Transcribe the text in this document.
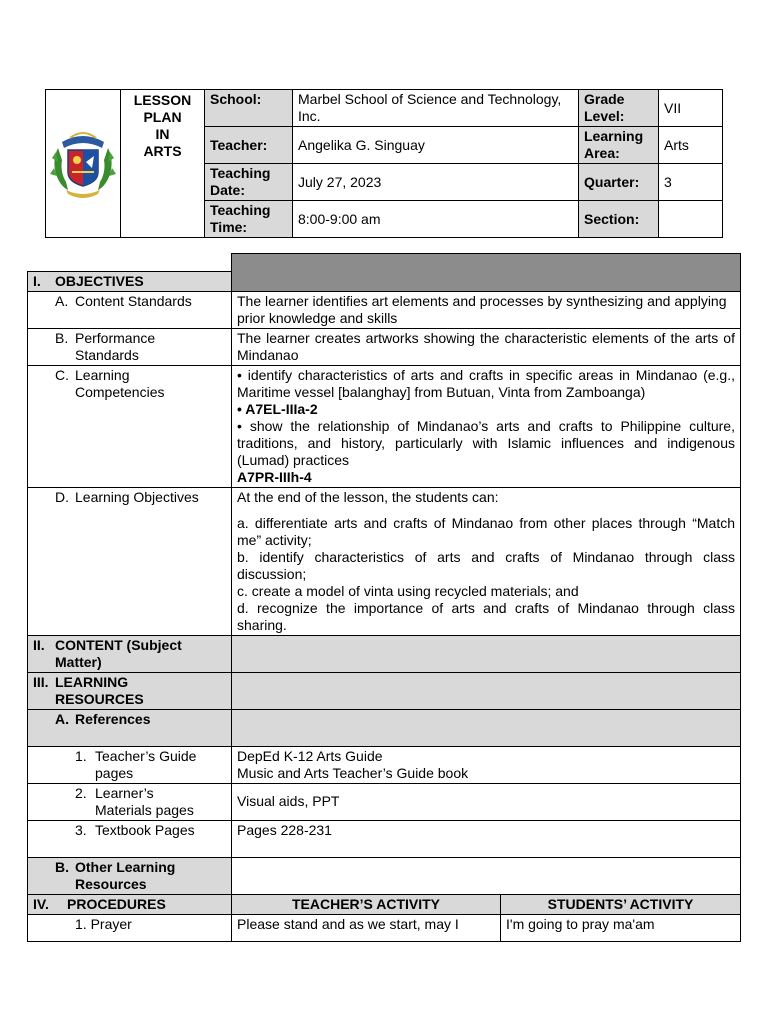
LESSON
PLAN
IN
ARTS	School:	Marbel School of Science and Technology, Inc.	Grade Level:	VII
		Teacher:	Angelika G. Singuay	Learning Area:	Arts
		Teaching Date:	July 27, 2023	Quarter:	3
		Teaching Time:	8:00-9:00 am	Section:	

I. OBJECTIVES		
A. Content Standards	The learner identifies art elements and processes by synthesizing and applying prior knowledge and skills	
B. Performance Standards	The learner creates artworks showing the characteristic elements of the arts of Mindanao	
C. Learning Competencies	• identify characteristics of arts and crafts in specific areas in Mindanao (e.g., Maritime vessel [balanghay] from Butuan, Vinta from Zamboanga)

• A7EL-IIIa-2

• show the relationship of Mindanao’s arts and crafts to Philippine culture, traditions, and history, particularly with Islamic influences and indigenous (Lumad) practices

A7PR-IIIh-4	

D. Learning Objectives	At the end of the lesson, the students can:

a. differentiate arts and crafts of Mindanao from other places through “Match me” activity;

b. identify characteristics of arts and crafts of Mindanao through class discussion;

c. create a model of vinta using recycled materials; and

d. recognize the importance of arts and crafts of Mindanao through class sharing.	

II. CONTENT (Subject Matter)		
III. LEARNING RESOURCES		
A. References		
1. Teacher’s Guide pages	DepEd K-12 Arts Guide

Music and Arts Teacher’s Guide book	

2. Learner’s Materials pages	Visual aids, PPT	
3. Textbook Pages	Pages 228-231	
B. Other Learning Resources		
IV. PROCEDURES	TEACHER’S ACTIVITY	STUDENTS’ ACTIVITY
1. Prayer	Please stand and as we start, may I	I'm going to pray ma'am
